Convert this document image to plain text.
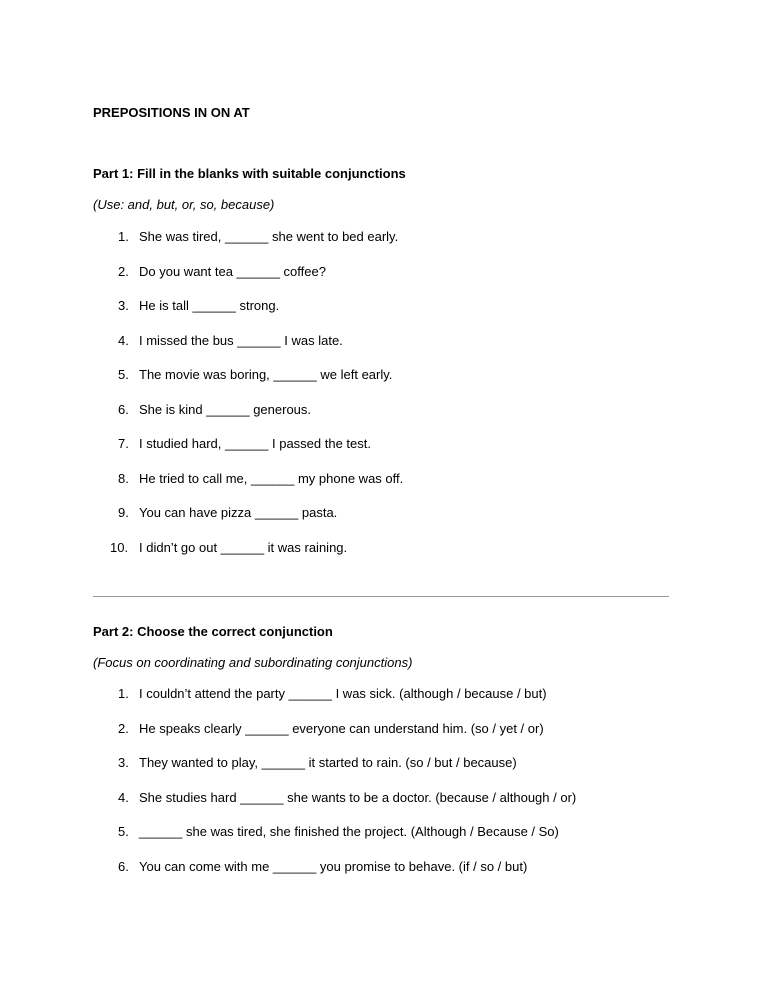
PREPOSITIONS IN ON AT
Part 1: Fill in the blanks with suitable conjunctions
(Use: and, but, or, so, because)
1. She was tired, ______ she went to bed early.
2. Do you want tea ______ coffee?
3. He is tall ______ strong.
4. I missed the bus ______ I was late.
5. The movie was boring, ______ we left early.
6. She is kind ______ generous.
7. I studied hard, ______ I passed the test.
8. He tried to call me, ______ my phone was off.
9. You can have pizza ______ pasta.
10. I didn’t go out ______ it was raining.
Part 2: Choose the correct conjunction
(Focus on coordinating and subordinating conjunctions)
1. I couldn’t attend the party ______ I was sick. (although / because / but)
2. He speaks clearly ______ everyone can understand him. (so / yet / or)
3. They wanted to play, ______ it started to rain. (so / but / because)
4. She studies hard ______ she wants to be a doctor. (because / although / or)
5. ______ she was tired, she finished the project. (Although / Because / So)
6. You can come with me ______ you promise to behave. (if / so / but)
